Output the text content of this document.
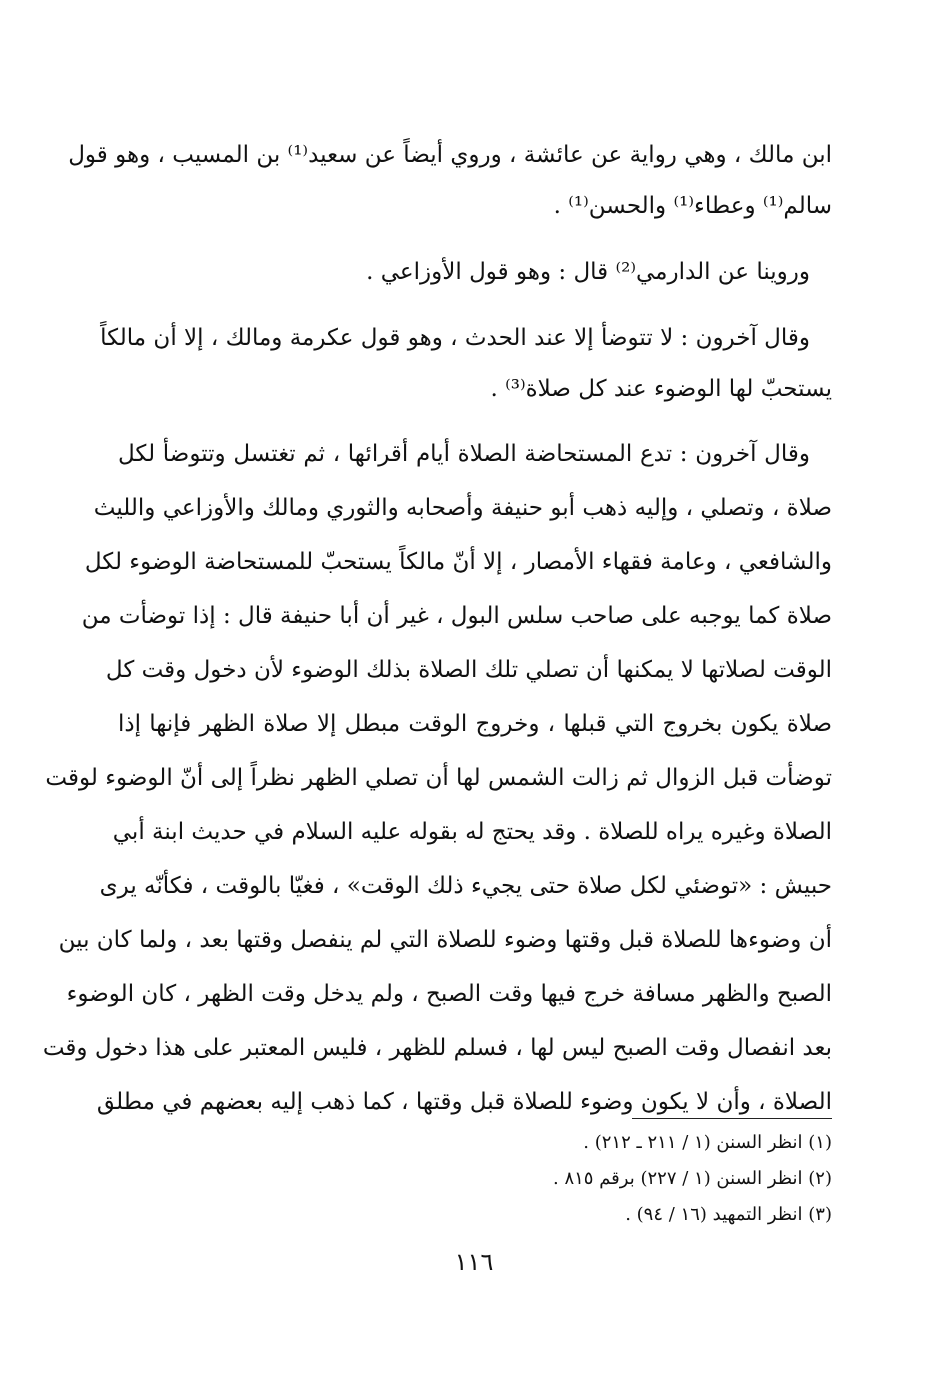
ابن مالك ، وهي رواية عن عائشة ، وروي أيضاً عن سعيد⁽¹⁾ بن المسيب ، وهو قول
سالم⁽¹⁾ وعطاء⁽¹⁾ والحسن⁽¹⁾ .
وروينا عن الدارمي⁽²⁾ قال : وهو قول الأوزاعي .
وقال آخرون : لا تتوضأ إلا عند الحدث ، وهو قول عكرمة ومالك ، إلا أن مالكاً
يستحبّ لها الوضوء عند كل صلاة⁽³⁾ .
وقال آخرون : تدع المستحاضة الصلاة أيام أقرائها ، ثم تغتسل وتتوضأ لكل
صلاة ، وتصلي ، وإليه ذهب أبو حنيفة وأصحابه والثوري ومالك والأوزاعي والليث
والشافعي ، وعامة فقهاء الأمصار ، إلا أنّ مالكاً يستحبّ للمستحاضة الوضوء لكل
صلاة كما يوجبه على صاحب سلس البول ، غير أن أبا حنيفة قال : إذا توضأت من
الوقت لصلاتها لا يمكنها أن تصلي تلك الصلاة بذلك الوضوء لأن دخول وقت كل
صلاة يكون بخروج التي قبلها ، وخروج الوقت مبطل إلا صلاة الظهر فإنها إذا
توضأت قبل الزوال ثم زالت الشمس لها أن تصلي الظهر نظراً إلى أنّ الوضوء لوقت
الصلاة وغيره يراه للصلاة . وقد يحتج له بقوله عليه السلام في حديث ابنة أبي
حبيش : «توضئي لكل صلاة حتى يجيء ذلك الوقت» ، فغيّا بالوقت ، فكأنّه يرى
أن وضوءها للصلاة قبل وقتها وضوء للصلاة التي لم ينفصل وقتها بعد ، ولما كان بين
الصبح والظهر مسافة خرج فيها وقت الصبح ، ولم يدخل وقت الظهر ، كان الوضوء
بعد انفصال وقت الصبح ليس لها ، فسلم للظهر ، فليس المعتبر على هذا دخول وقت
الصلاة ، وأن لا يكون وضوء للصلاة قبل وقتها ، كما ذهب إليه بعضهم في مطلق
(١) انظر السنن (١ / ٢١١ ـ ٢١٢) .
(٢) انظر السنن (١ / ٢٢٧) برقم ٨١٥ .
(٣) انظر التمهيد (١٦ / ٩٤) .
١١٦
